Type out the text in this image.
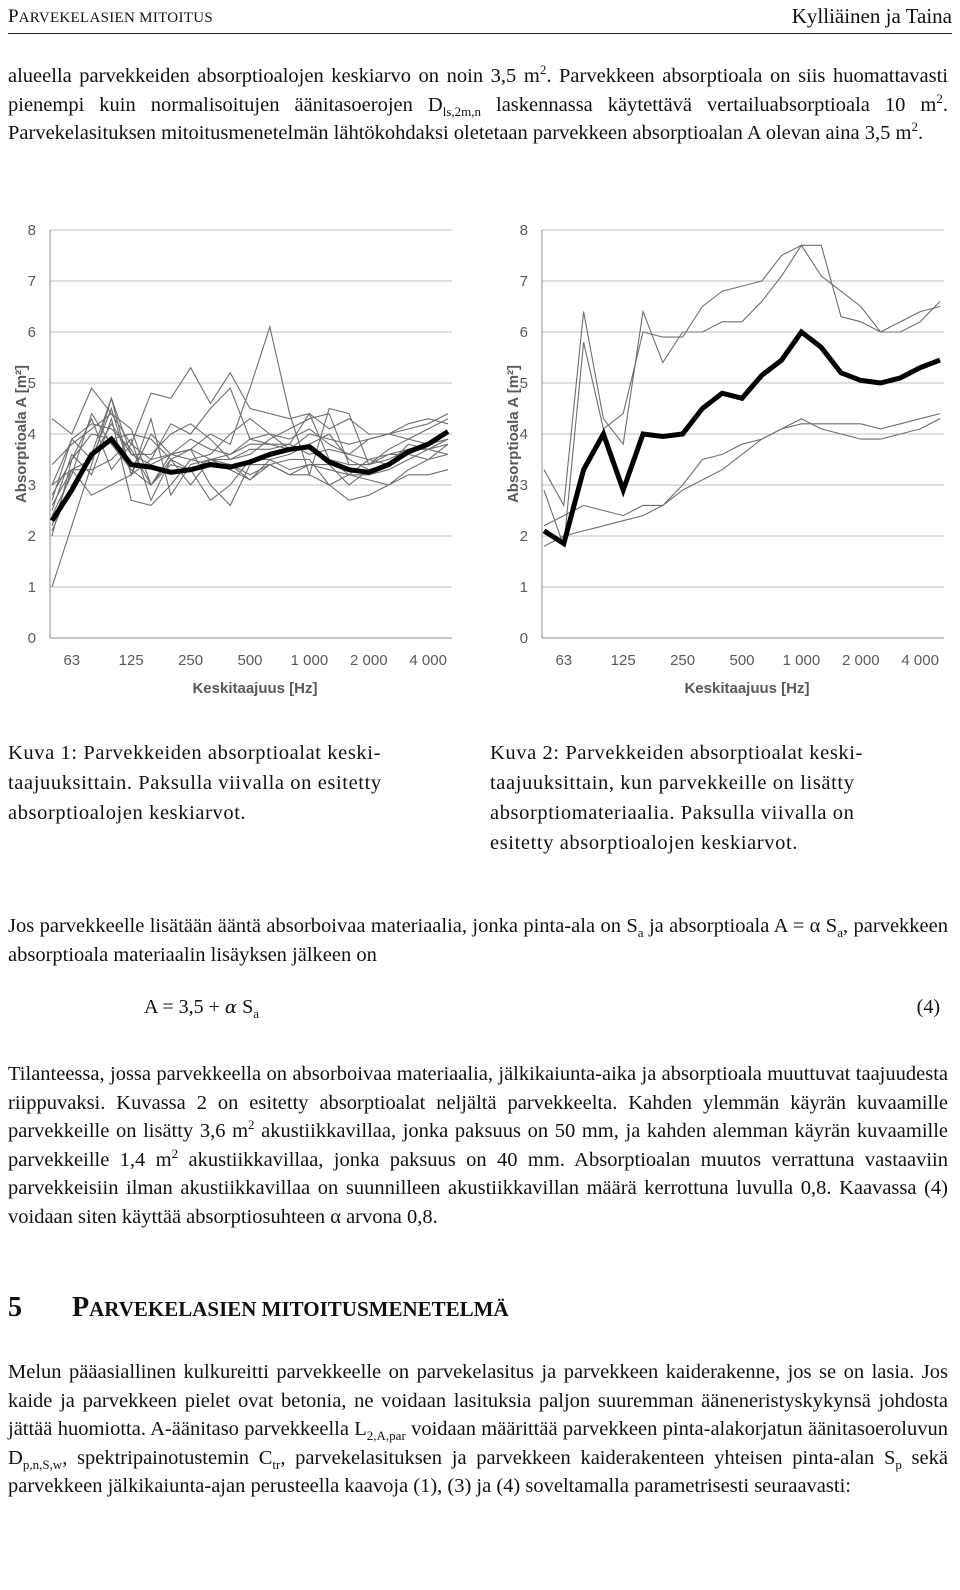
PARVEKELASIEN MITOITUS	Kylliäinen ja Taina
alueella parvekkeiden absorptioalojen keskiarvo on noin 3,5 $m^2$. Parvekkeen absorptioala on siis huomattavasti pienempi kuin normalisoitujen äänitasoerojen $D_{ls,2m,n}$ laskennassa käytettävä vertailuabsorptioala 10 $m^2$. Parvekelasituksen mitoitusmenetelmän lähtökohdaksi oletetaan parvekkeen absorptioalan A olevan aina 3,5 $m^2$.
0
1
2
3
4
5
6
7
8
63	125 250 500 1 000 2 000 4 000
Keskitaajuus [Hz]
Absorptioala A [m²]
0
1
2
3
4
5
6
7
8
63	125 250 500 1 000 2 000 4 000
Keskitaajuus [Hz]
Absorptioala A [m²]
Kuva 1: Parvekkeiden absorptioalat keski-
taajuuksittain. Paksulla viivalla on esitetty
absorptioalojen keskiarvot.
Kuva 2: Parvekkeiden absorptioalat keski-
taajuuksittain, kun parvekkeille on lisätty
absorptiomateriaalia. Paksulla viivalla on
esitetty absorptioalojen keskiarvot.
Jos parvekkeelle lisätään ääntä absorboivaa materiaalia, jonka pinta-ala on $S_a$ ja absorptioala A = α $S_a$, parvekkeen absorptioala materiaalin lisäyksen jälkeen on
A = 3,5 + α $S_a$	(4)
Tilanteessa, jossa parvekkeella on absorboivaa materiaalia, jälkikaiunta-aika ja absorptioala muuttuvat taajuudesta riippuvaksi. Kuvassa 2 on esitetty absorptioalat neljältä parvekkeelta. Kahden ylemmän käyrän kuvaamille parvekkeille on lisätty 3,6 $m^2$ akustiikkavillaa, jonka paksuus on 50 mm, ja kahden alemman käyrän kuvaamille parvekkeille 1,4 $m^2$ akustiikkavillaa, jonka paksuus on 40 mm. Absorptioalan muutos verrattuna vastaaviin parvekkeisiin ilman akustiikkavillaa on suunnilleen akustiikkavillan määrä kerrottuna luvulla 0,8. Kaavassa (4) voidaan siten käyttää absorptiosuhteen α arvona 0,8.
5 PARVEKELASIEN MITOITUSMENETELMÄ
Melun pääasiallinen kulkureitti parvekkeelle on parvekelasitus ja parvekkeen kaiderakenne, jos se on lasia. Jos kaide ja parvekkeen pielet ovat betonia, ne voidaan lasituksia paljon suuremman ääneneristyskykynsä johdosta jättää huomiotta. A-äänitaso parvekkeella $L_{2,A,par}$ voidaan määrittää parvekkeen pinta-alakorjatun äänitasoeroluvun $D_{p,n,S,w}$, spektripainotustemin $C_{tr}$, parvekelasituksen ja parvekkeen kaiderakenteen yhteisen pinta-alan $S_p$ sekä parvekkeen jälkikaiunta-ajan perusteella kaavoja (1), (3) ja (4) soveltamalla parametrisesti seuraavasti:
